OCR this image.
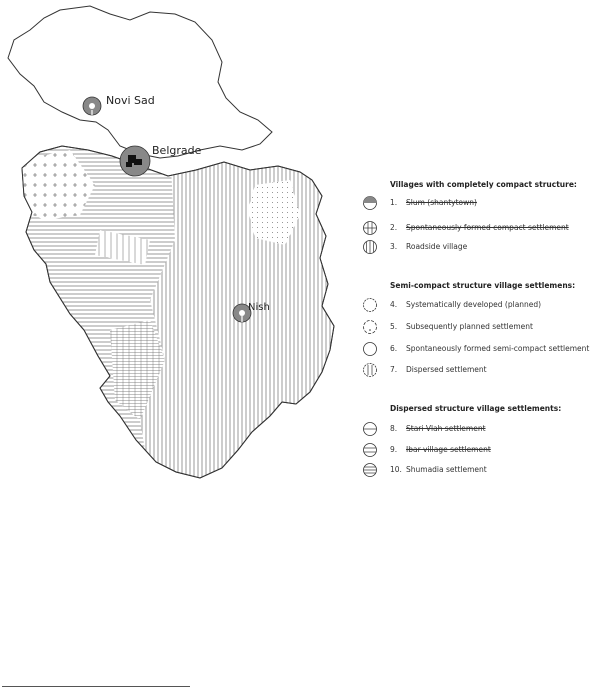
Novi Sad
Belgrade
Nish
Villages with completely compact structure:
1. Slum (shantytown)
2. Spontaneously formed compact settlement
3. Roadside village
Semi-compact structure village settlemens:
4. Systematically developed (planned)
5. Subsequently planned settlement
6. Spontaneously formed semi-compact settlement
7. Dispersed settlement
Dispersed structure village settlements:
8. Stari Vlah settlement
9. Ibar village settlement
10. Shumadia settlement
